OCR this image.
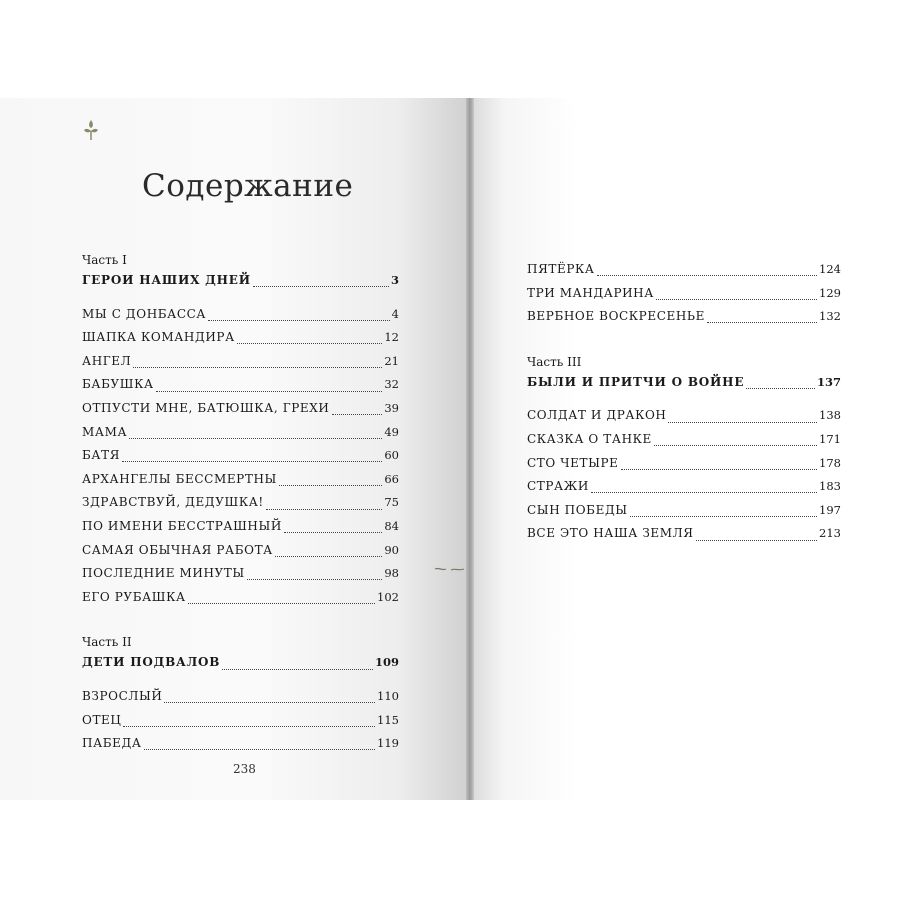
Содержание
Часть I
ГЕРОИ НАШИХ ДНЕЙ	3
МЫ С ДОНБАССА	4
ШАПКА КОМАНДИРА	12
АНГЕЛ	21
БАБУШКА	32
ОТПУСТИ МНЕ, БАТЮШКА, ГРЕХИ	39
МАМА	49
БАТЯ	60
АРХАНГЕЛЫ БЕССМЕРТНЫ	66
ЗДРАВСТВУЙ, ДЕДУШКА!	75
ПО ИМЕНИ БЕССТРАШНЫЙ	84
САМАЯ ОБЫЧНАЯ РАБОТА	90
ПОСЛЕДНИЕ МИНУТЫ	98
ЕГО РУБАШКА	102
Часть II
ДЕТИ ПОДВАЛОВ	109
ВЗРОСЛЫЙ	110
ОТЕЦ	115
ПАБЕДА	119
ПЯТЁРКА	124
ТРИ МАНДАРИНА	129
ВЕРБНОЕ ВОСКРЕСЕНЬЕ	132
Часть III
БЫЛИ И ПРИТЧИ О ВОЙНЕ	137
СОЛДАТ И ДРАКОН	138
СКАЗКА О ТАНКЕ	171
СТО ЧЕТЫРЕ	178
СТРАЖИ	183
СЫН ПОБЕДЫ	197
ВСЕ ЭТО НАША ЗЕМЛЯ	213
238
